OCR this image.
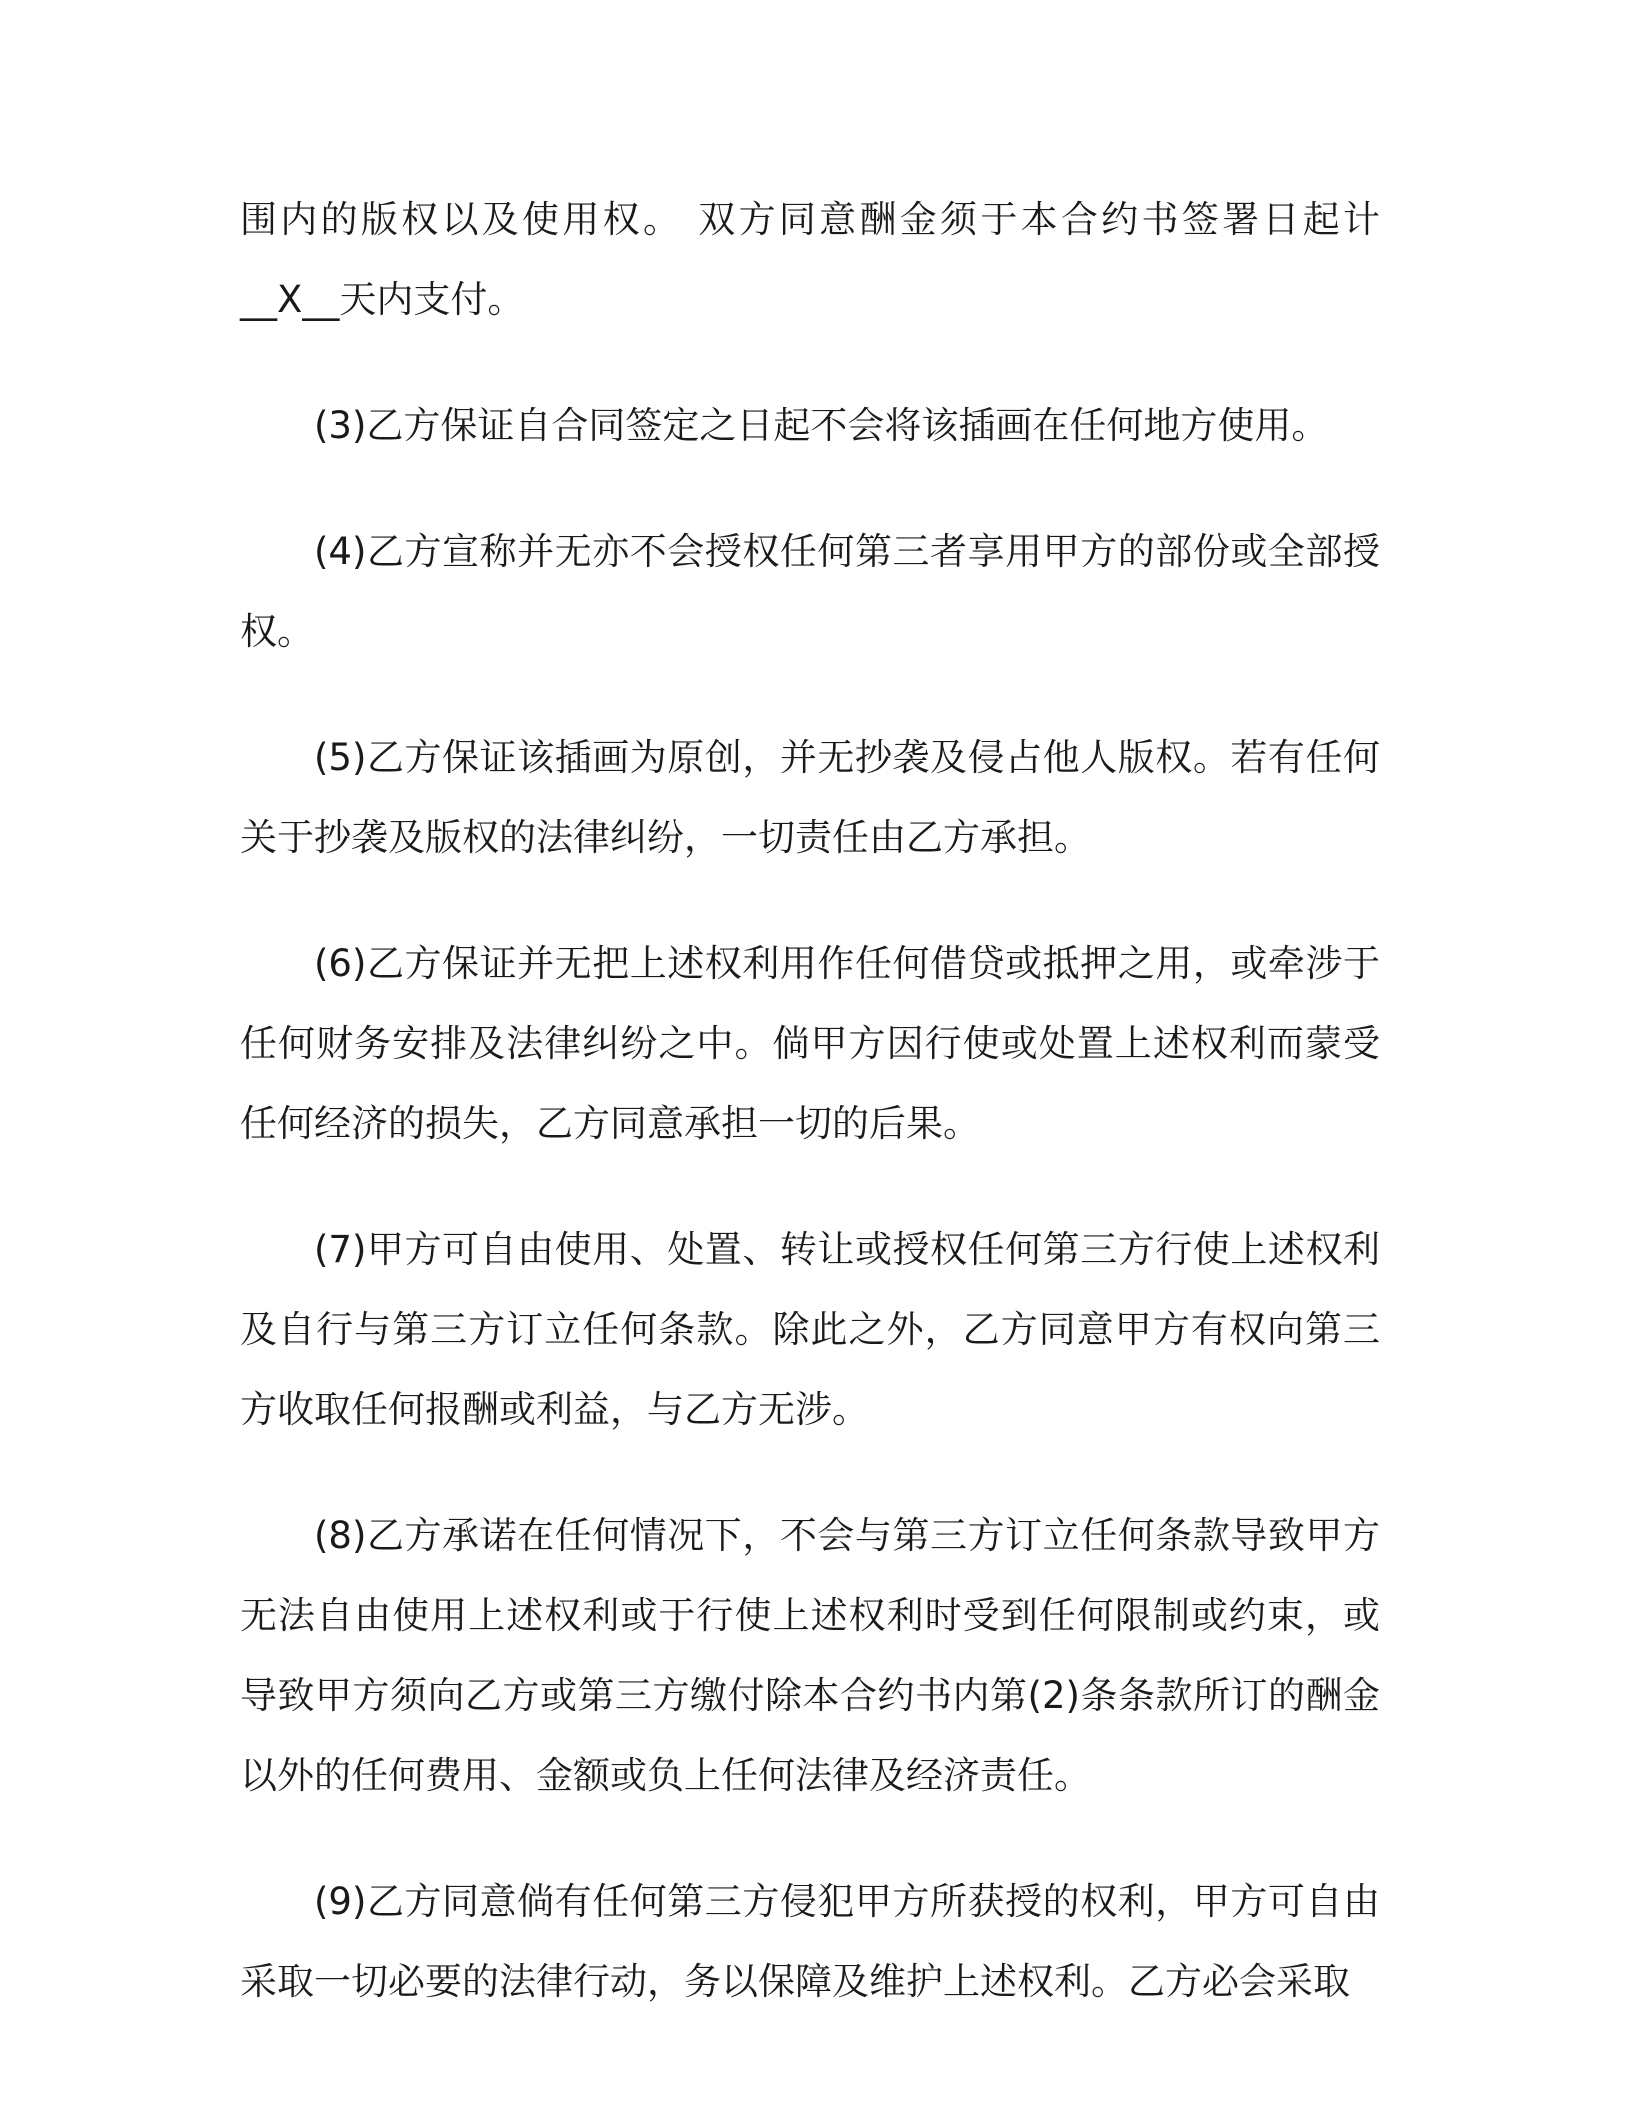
围内的版权以及使用权。 双方同意酬金须于本合约书签署日起计__X__天内支付。

(3)乙方保证自合同签定之日起不会将该插画在任何地方使用。

(4)乙方宣称并无亦不会授权任何第三者享用甲方的部份或全部授权。

(5)乙方保证该插画为原创，并无抄袭及侵占他人版权。若有任何关于抄袭及版权的法律纠纷，一切责任由乙方承担。

(6)乙方保证并无把上述权利用作任何借贷或抵押之用，或牵涉于任何财务安排及法律纠纷之中。倘甲方因行使或处置上述权利而蒙受任何经济的损失，乙方同意承担一切的后果。

(7)甲方可自由使用、处置、转让或授权任何第三方行使上述权利及自行与第三方订立任何条款。除此之外，乙方同意甲方有权向第三方收取任何报酬或利益，与乙方无涉。

(8)乙方承诺在任何情况下，不会与第三方订立任何条款导致甲方无法自由使用上述权利或于行使上述权利时受到任何限制或约束，或导致甲方须向乙方或第三方缴付除本合约书内第(2)条条款所订的酬金以外的任何费用、金额或负上任何法律及经济责任。

(9)乙方同意倘有任何第三方侵犯甲方所获授的权利，甲方可自由采取一切必要的法律行动，务以保障及维护上述权利。乙方必会采取
